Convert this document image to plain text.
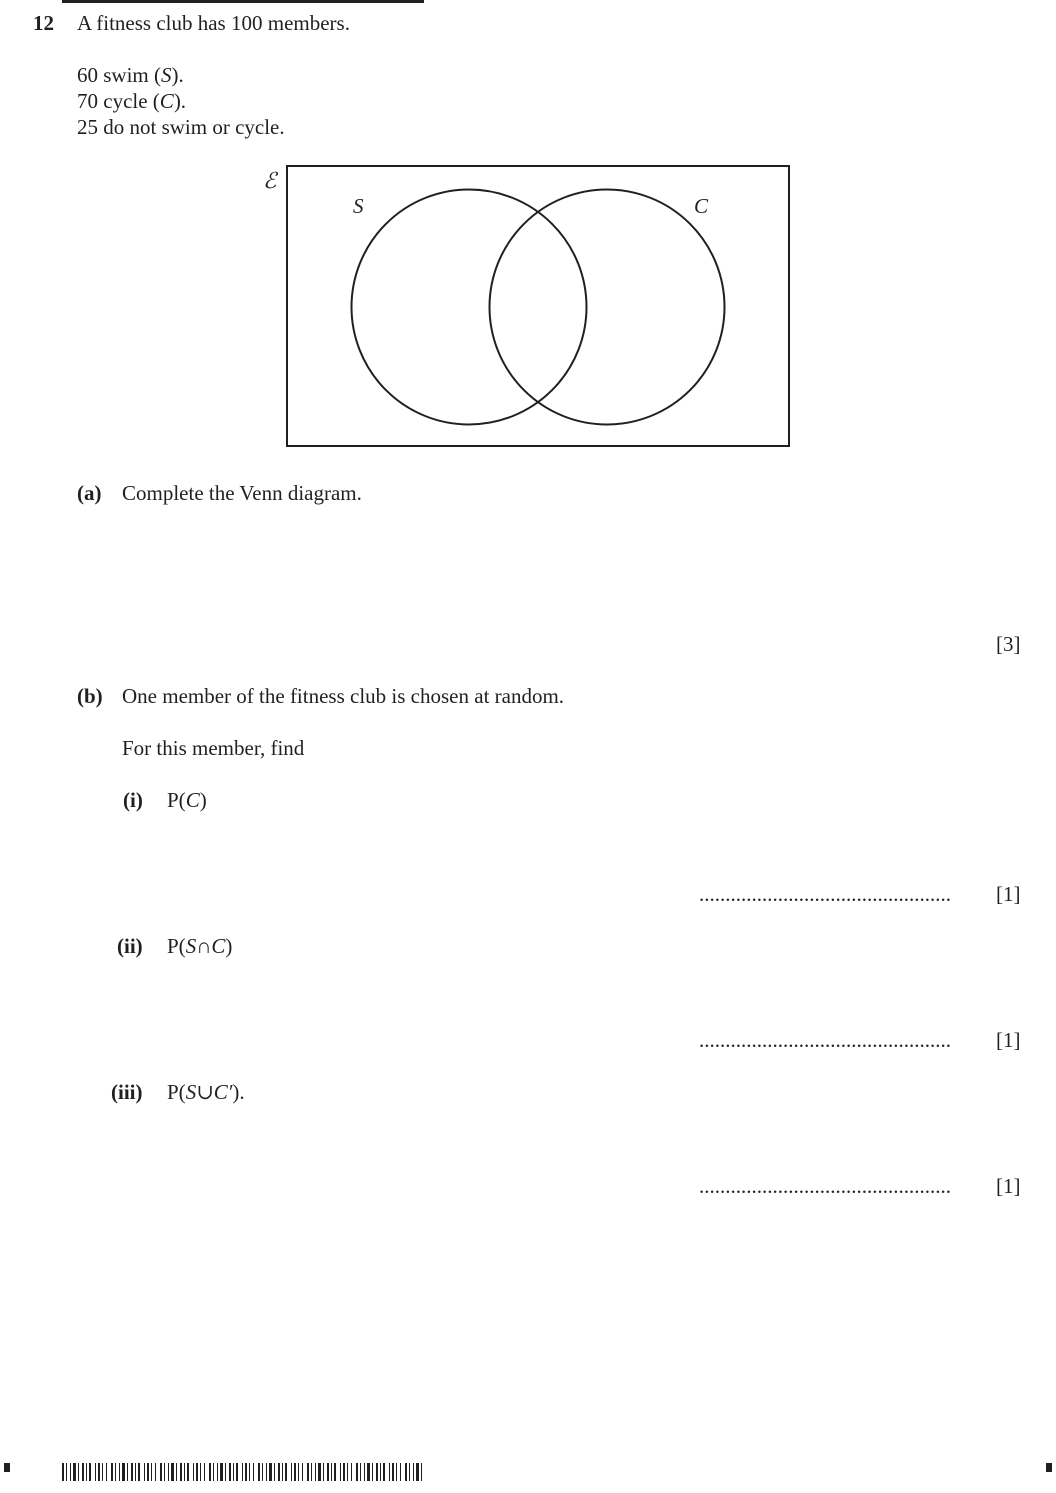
12 A fitness club has 100 members.
60 swim (S).
70 cycle (C).
25 do not swim or cycle.
ℰ
S	C
(a) Complete the Venn diagram.
[3]
(b) One member of the fitness club is chosen at random.
For this member, find
(i) P(C)
................................................ [1]
(ii) P(S∩C)
................................................ [1]
(iii) P(S∪C′).
................................................ [1]
